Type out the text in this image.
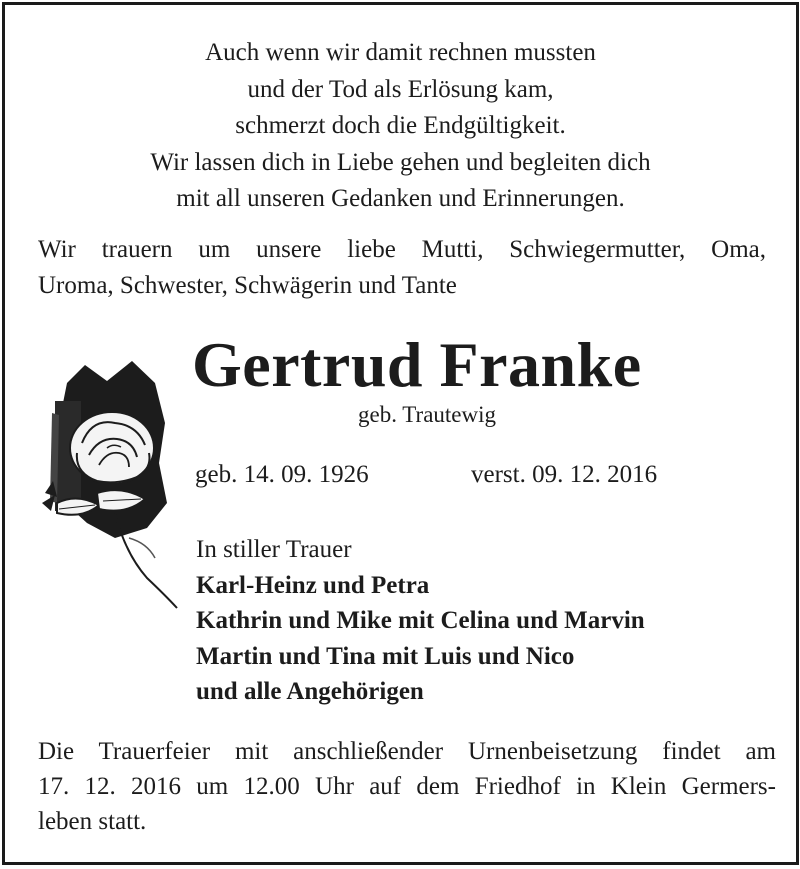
Auch wenn wir damit rechnen mussten
und der Tod als Erlösung kam,
schmerzt doch die Endgültigkeit.
Wir lassen dich in Liebe gehen und begleiten dich
mit all unseren Gedanken und Erinnerungen.
Wir trauern um unsere liebe Mutti, Schwiegermutter, Oma,
Uroma, Schwester, Schwägerin und Tante
Gertrud Franke
geb. Trautewig
geb. 14. 09. 1926	verst. 09. 12. 2016
In stiller Trauer
Karl-Heinz und Petra
Kathrin und Mike mit Celina und Marvin
Martin und Tina mit Luis und Nico
und alle Angehörigen
Die Trauerfeier mit anschließender Urnenbeisetzung findet am
17. 12. 2016 um 12.00 Uhr auf dem Friedhof in Klein Germers-
leben statt.
